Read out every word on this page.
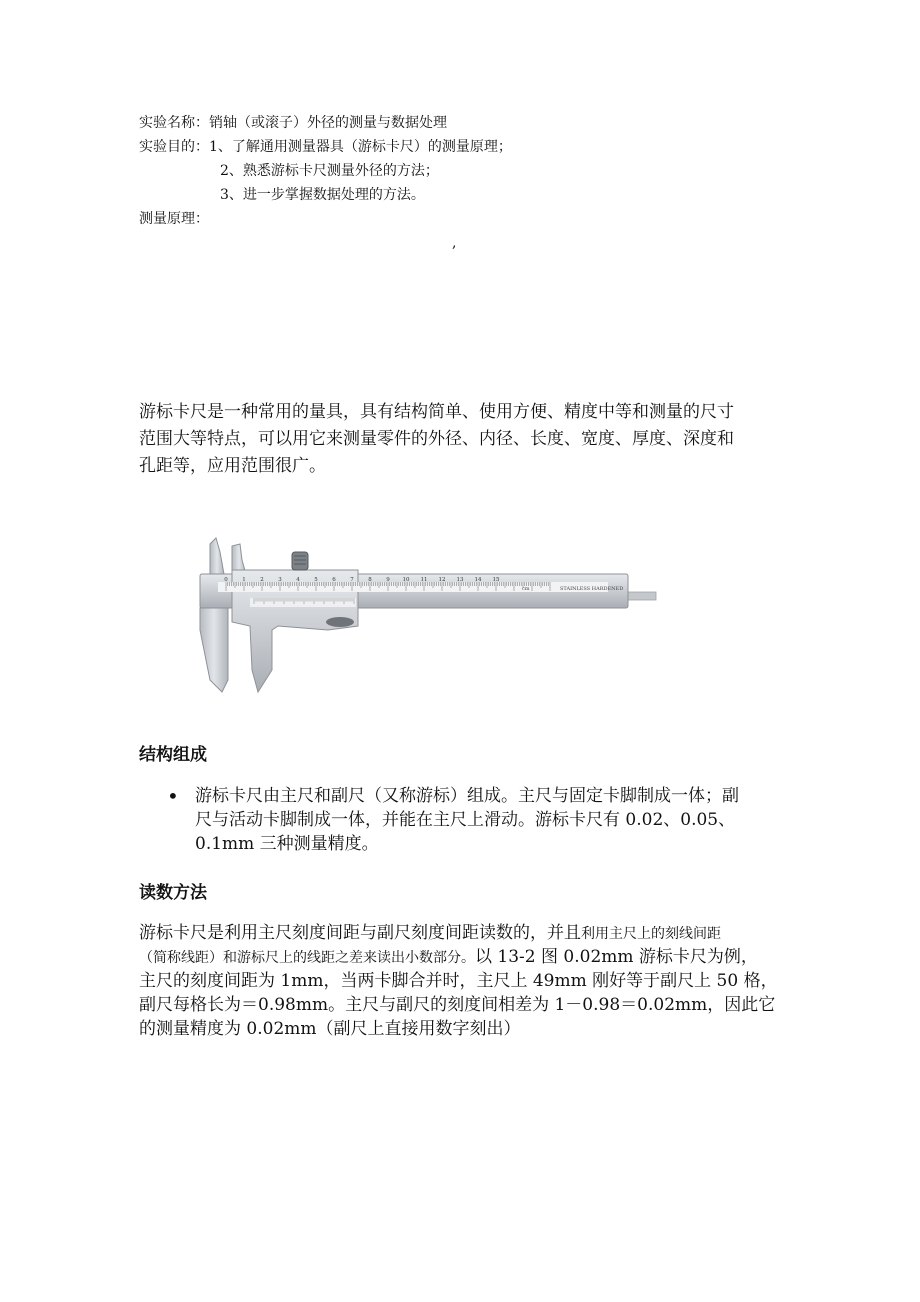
实验名称：销轴（或滚子）外径的测量与数据处理
实验目的：1、了解通用测量器具（游标卡尺）的测量原理；
2、熟悉游标卡尺测量外径的方法；
3、进一步掌握数据处理的方法。
测量原理：
,
游标卡尺是一种常用的量具，具有结构简单、使用方便、精度中等和测量的尺寸
范围大等特点，可以用它来测量零件的外径、内径、长度、宽度、厚度、深度和
孔距等，应用范围很广。
0	1	2	3	4	5	6	7	8	9 10 11 12 13 14 15
cm	STAINLESS HARDENED
结构组成
• 游标卡尺由主尺和副尺（又称游标）组成。主尺与固定卡脚制成一体；副
尺与活动卡脚制成一体，并能在主尺上滑动。游标卡尺有 0.02、0.05、
0.1mm 三种测量精度。
读数方法
游标卡尺是利用主尺刻度间距与副尺刻度间距读数的，并且利用主尺上的刻线间距
（简称线距）和游标尺上的线距之差来读出小数部分。以 13-2 图 0.02mm 游标卡尺为例，
主尺的刻度间距为 1mm，当两卡脚合并时，主尺上 49mm 刚好等于副尺上 50 格，
副尺每格长为＝0.98mm。主尺与副尺的刻度间相差为 1－0.98＝0.02mm，因此它
的测量精度为 0.02mm（副尺上直接用数字刻出）
